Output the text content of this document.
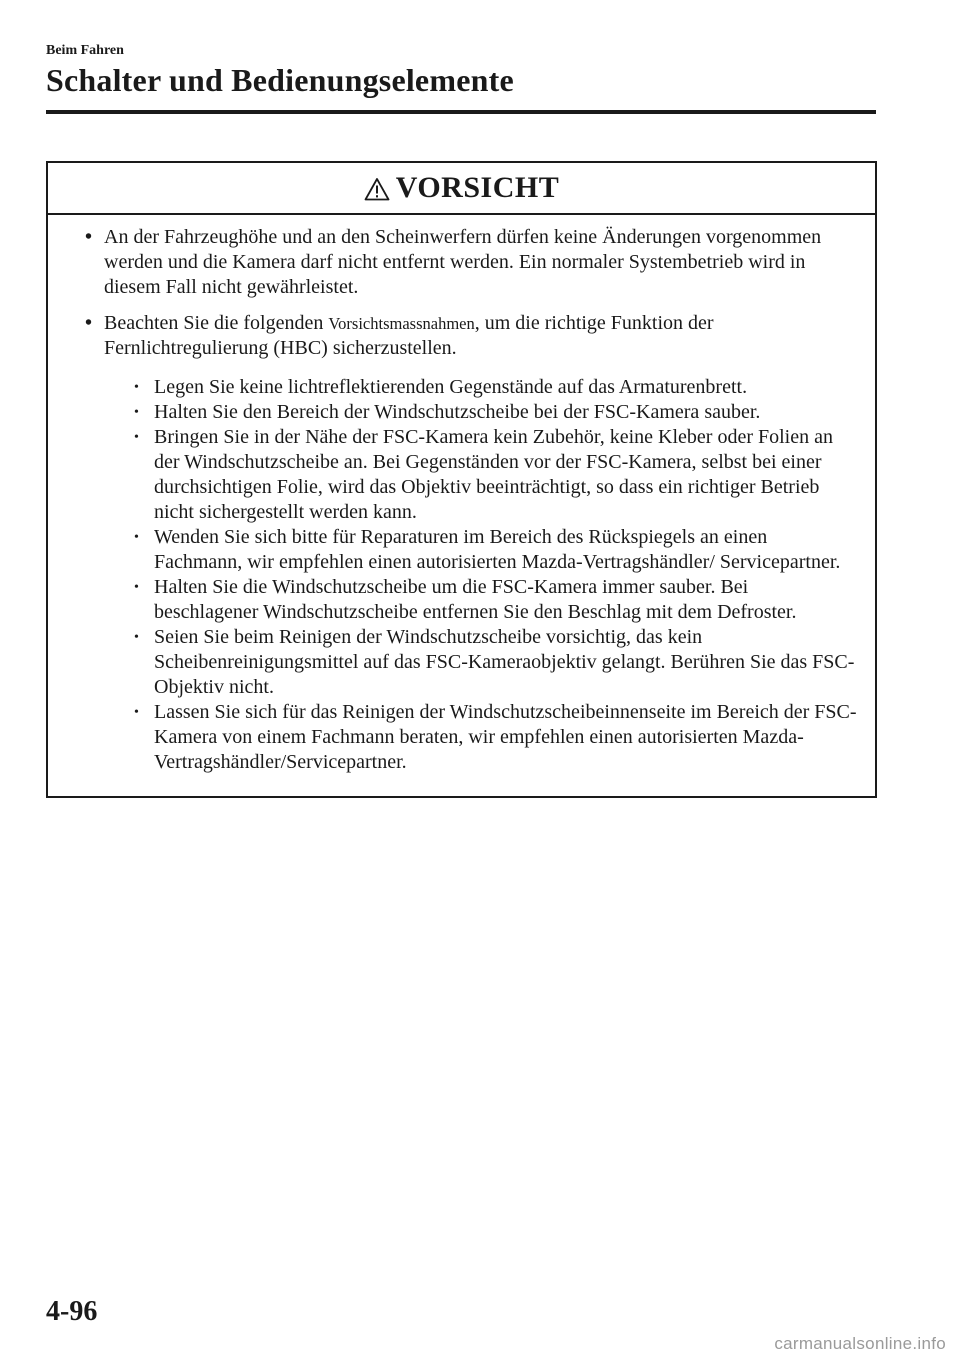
Beim Fahren
Schalter und Bedienungselemente
VORSICHT
• An der Fahrzeughöhe und an den Scheinwerfern dürfen keine Änderungen vorgenommen werden und die Kamera darf nicht entfernt werden. Ein normaler Systembetrieb wird in diesem Fall nicht gewährleistet.
• Beachten Sie die folgenden Vorsichtsmassnahmen, um die richtige Funktion der Fernlichtregulierung (HBC) sicherzustellen.
• Legen Sie keine lichtreflektierenden Gegenstände auf das Armaturenbrett.
• Halten Sie den Bereich der Windschutzscheibe bei der FSC-Kamera sauber.
• Bringen Sie in der Nähe der FSC-Kamera kein Zubehör, keine Kleber oder Folien an der Windschutzscheibe an. Bei Gegenständen vor der FSC-Kamera, selbst bei einer durchsichtigen Folie, wird das Objektiv beeinträchtigt, so dass ein richtiger Betrieb nicht sichergestellt werden kann.
• Wenden Sie sich bitte für Reparaturen im Bereich des Rückspiegels an einen Fachmann, wir empfehlen einen autorisierten Mazda-Vertragshändler/ Servicepartner.
• Halten Sie die Windschutzscheibe um die FSC-Kamera immer sauber. Bei beschlagener Windschutzscheibe entfernen Sie den Beschlag mit dem Defroster.
• Seien Sie beim Reinigen der Windschutzscheibe vorsichtig, das kein Scheibenreinigungsmittel auf das FSC-Kameraobjektiv gelangt. Berühren Sie das FSC-Objektiv nicht.
• Lassen Sie sich für das Reinigen der Windschutzscheibeinnenseite im Bereich der FSC-Kamera von einem Fachmann beraten, wir empfehlen einen autorisierten Mazda-Vertragshändler/Servicepartner.
4-96
carmanualsonline.info
